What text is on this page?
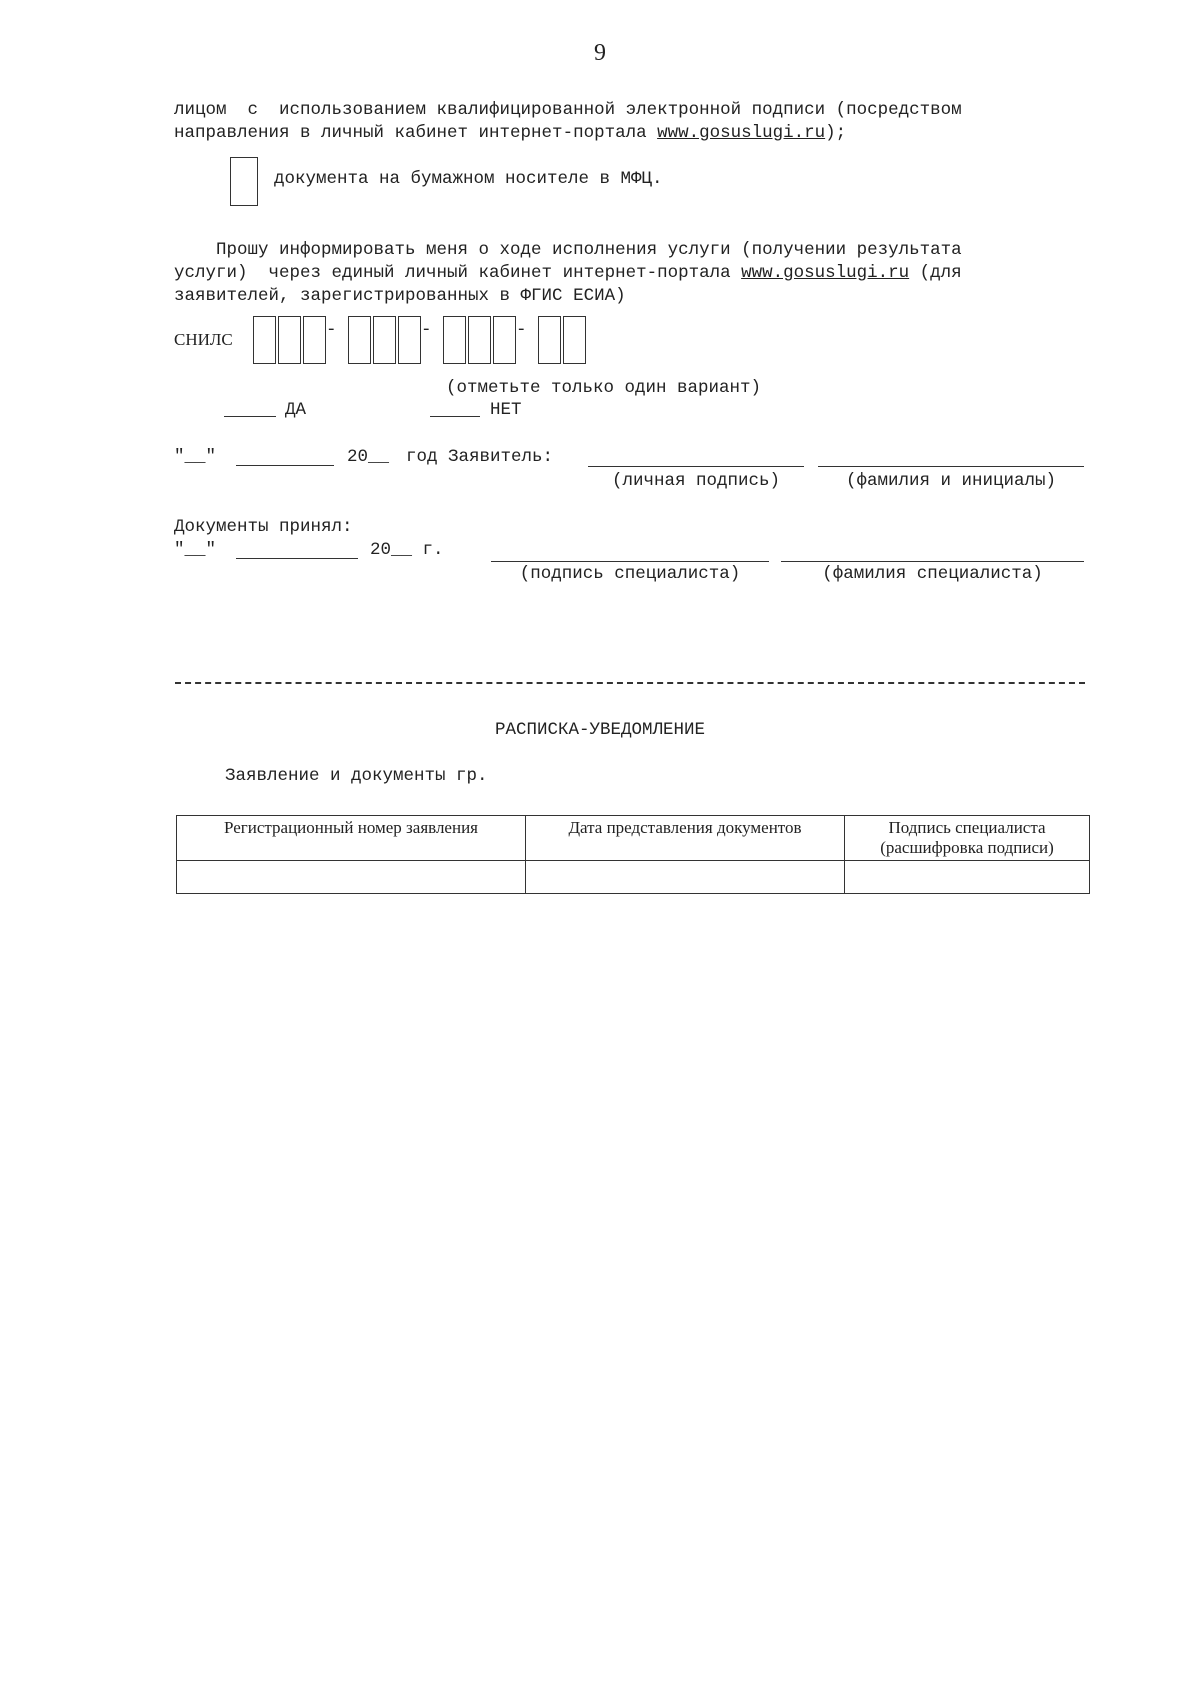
9
лицом  с  использованием квалифицированной электронной подписи (посредством
направления в личный кабинет интернет-портала www.gosuslugi.ru);
документа на бумажном носителе в МФЦ.
Прошу информировать меня о ходе исполнения услуги (получении результата
услуги)  через единый личный кабинет интернет-портала www.gosuslugi.ru (для
заявителей, зарегистрированных в ФГИС ЕСИА)
СНИЛС	-	-	-
(отметьте только один вариант)
ДА	НЕТ
"__"	20__ год Заявитель:
(личная подпись)	(фамилия и инициалы)
Документы принял:
"__"	20__ г.
(подпись специалиста)	(фамилия специалиста)
РАСПИСКА-УВЕДОМЛЕНИЕ
Заявление и документы гр.
Регистрационный номер заявления	Дата представления документов	Подпись специалиста
(расшифровка подписи)
